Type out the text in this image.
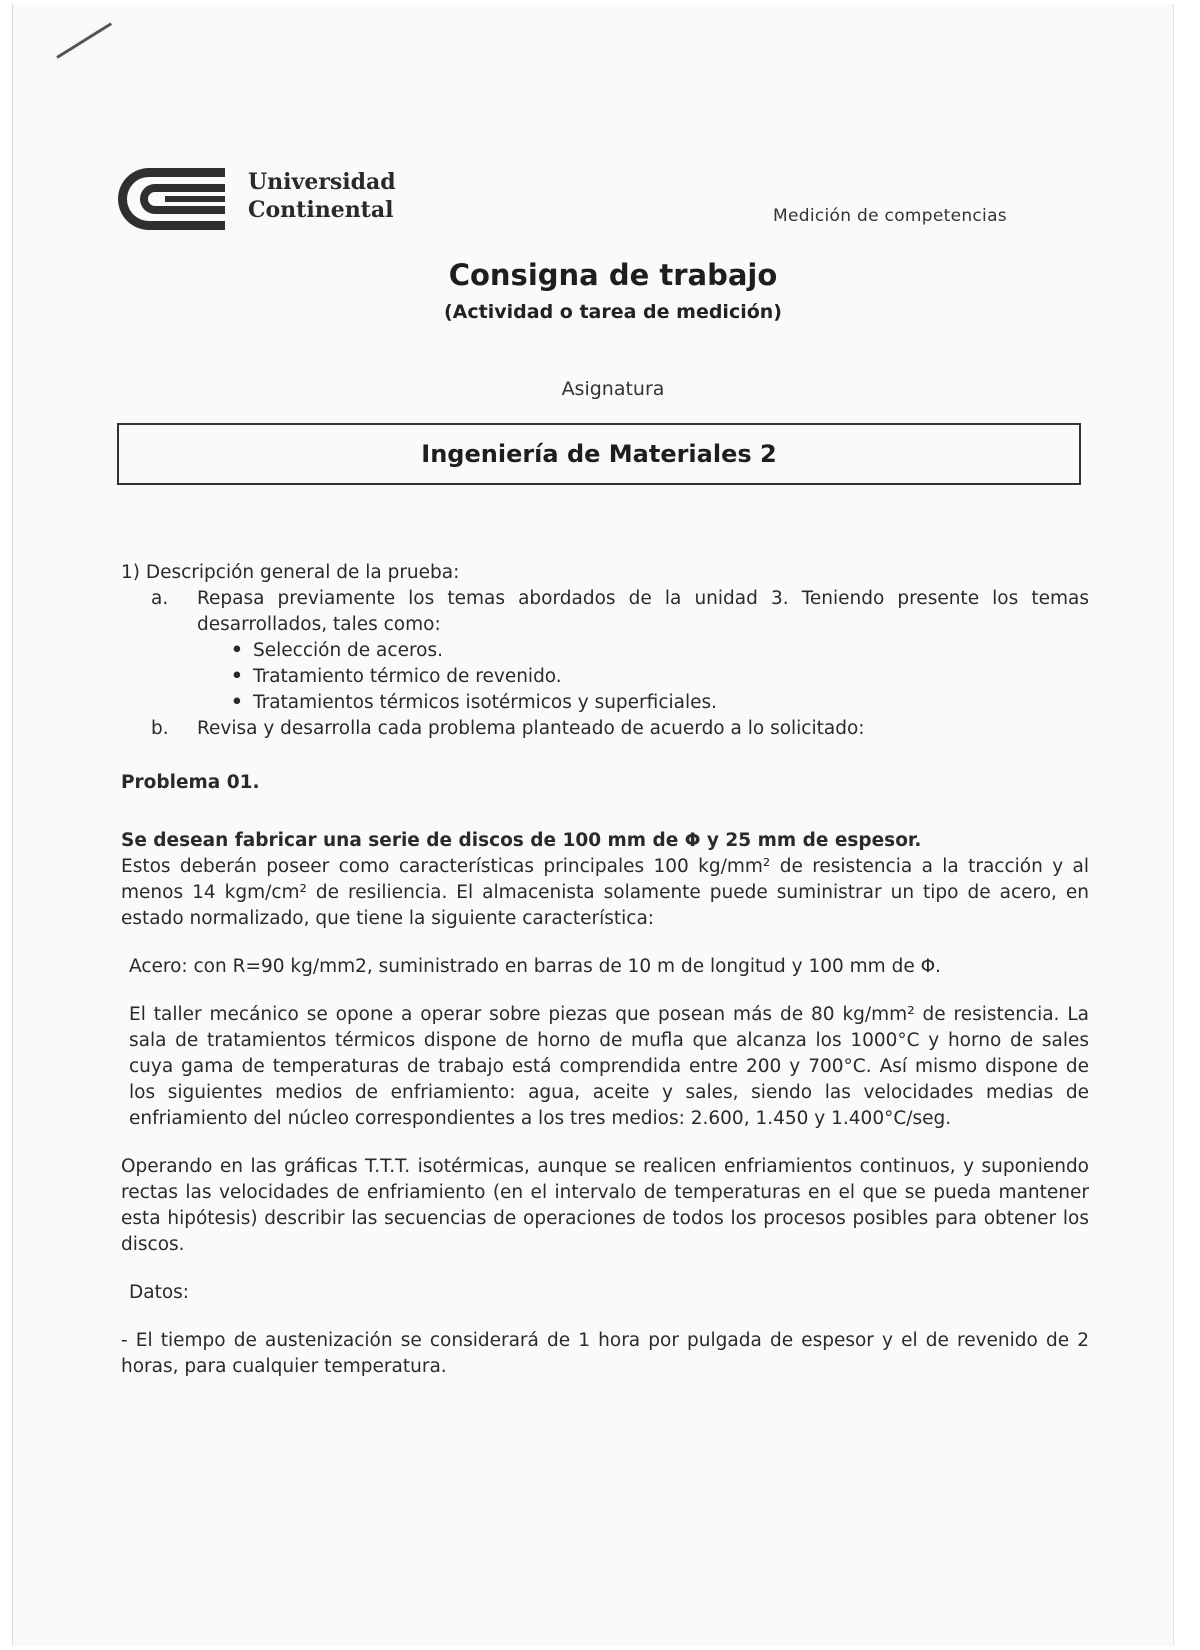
Universidad
Continental	Medición de competencias
Consigna de trabajo
(Actividad o tarea de medición)
Asignatura
Ingeniería de Materiales 2

1) Descripción general de la prueba:

a.	Repasa previamente los temas abordados de la unidad 3. Teniendo presente los temas desarrollados, tales como:
• Selección de aceros.
• Tratamiento térmico de revenido.
• Tratamientos térmicos isotérmicos y superficiales.
b.	Revisa y desarrolla cada problema planteado de acuerdo a lo solicitado:

Problema 01.

Se desean fabricar una serie de discos de 100 mm de Φ y 25 mm de espesor.

Estos deberán poseer como características principales 100 kg/mm² de resistencia a la tracción y al menos 14 kgm/cm² de resiliencia. El almacenista solamente puede suministrar un tipo de acero, en estado normalizado, que tiene la siguiente característica:

Acero: con R=90 kg/mm2, suministrado en barras de 10 m de longitud y 100 mm de Φ.

El taller mecánico se opone a operar sobre piezas que posean más de 80 kg/mm² de resistencia. La sala de tratamientos térmicos dispone de horno de mufla que alcanza los 1000°C y horno de sales cuya gama de temperaturas de trabajo está comprendida entre 200 y 700°C. Así mismo dispone de los siguientes medios de enfriamiento: agua, aceite y sales, siendo las velocidades medias de enfriamiento del núcleo correspondientes a los tres medios: 2.600, 1.450 y 1.400°C/seg.

Operando en las gráficas T.T.T. isotérmicas, aunque se realicen enfriamientos continuos, y suponiendo rectas las velocidades de enfriamiento (en el intervalo de temperaturas en el que se pueda mantener esta hipótesis) describir las secuencias de operaciones de todos los procesos posibles para obtener los discos.

Datos:

- El tiempo de austenización se considerará de 1 hora por pulgada de espesor y el de revenido de 2 horas, para cualquier temperatura.
